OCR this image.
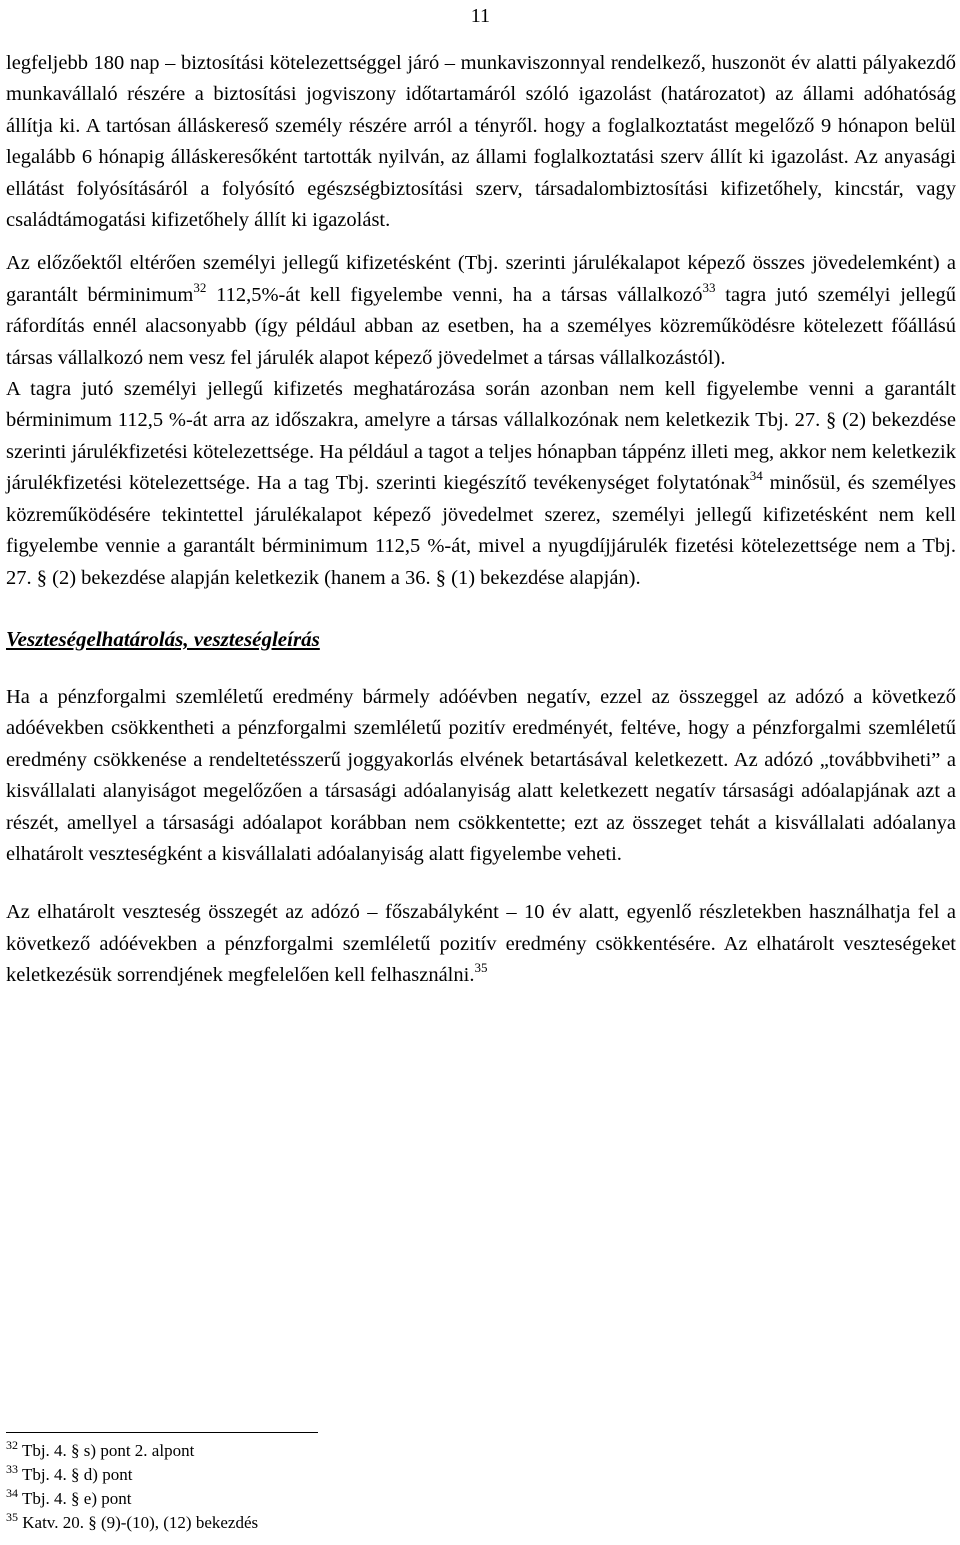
11

legfeljebb 180 nap – biztosítási kötelezettséggel járó – munkaviszonnyal rendelkező, huszonöt év alatti pályakezdő munkavállaló részére a biztosítási jogviszony időtartamáról szóló igazolást (határozatot) az állami adóhatóság állítja ki. A tartósan álláskereső személy részére arról a tényről. hogy a foglalkoztatást megelőző 9 hónapon belül legalább 6 hónapig álláskeresőként tartották nyilván, az állami foglalkoztatási szerv állít ki igazolást. Az anyasági ellátást folyósításáról a folyósító egészségbiztosítási szerv, társadalombiztosítási kifizetőhely, kincstár, vagy családtámogatási kifizetőhely állít ki igazolást.

Az előzőektől eltérően személyi jellegű kifizetésként (Tbj. szerinti járulékalapot képező összes jövedelemként) a garantált bérminimum$^{32}$ 112,5%-át kell figyelembe venni, ha a társas vállalkozó$^{33}$ tagra jutó személyi jellegű ráfordítás ennél alacsonyabb (így például abban az esetben, ha a személyes közreműködésre kötelezett főállású társas vállalkozó nem vesz fel járulék alapot képező jövedelmet a társas vállalkozástól).

A tagra jutó személyi jellegű kifizetés meghatározása során azonban nem kell figyelembe venni a garantált bérminimum 112,5 %-át arra az időszakra, amelyre a társas vállalkozónak nem keletkezik Tbj. 27. § (2) bekezdése szerinti járulékfizetési kötelezettsége. Ha például a tagot a teljes hónapban táppénz illeti meg, akkor nem keletkezik járulékfizetési kötelezettsége. Ha a tag Tbj. szerinti kiegészítő tevékenységet folytatónak$^{34}$ minősül, és személyes közreműködésére tekintettel járulékalapot képező jövedelmet szerez, személyi jellegű kifizetésként nem kell figyelembe vennie a garantált bérminimum 112,5 %-át, mivel a nyugdíjjárulék fizetési kötelezettsége nem a Tbj. 27. § (2) bekezdése alapján keletkezik (hanem a 36. § (1) bekezdése alapján).

Veszteségelhatárolás, veszteségleírás

Ha a pénzforgalmi szemléletű eredmény bármely adóévben negatív, ezzel az összeggel az adózó a következő adóévekben csökkentheti a pénzforgalmi szemléletű pozitív eredményét, feltéve, hogy a pénzforgalmi szemléletű eredmény csökkenése a rendeltetésszerű joggyakorlás elvének betartásával keletkezett. Az adózó „továbbviheti” a kisvállalati alanyiságot megelőzően a társasági adóalanyiság alatt keletkezett negatív társasági adóalapjának azt a részét, amellyel a társasági adóalapot korábban nem csökkentette; ezt az összeget tehát a kisvállalati adóalanya elhatárolt veszteségként a kisvállalati adóalanyiság alatt figyelembe veheti.

Az elhatárolt veszteség összegét az adózó – főszabályként – 10 év alatt, egyenlő részletekben használhatja fel a következő adóévekben a pénzforgalmi szemléletű pozitív eredmény csökkentésére. Az elhatárolt veszteségeket keletkezésük sorrendjének megfelelően kell felhasználni.$^{35}$

$^{32}$ Tbj. 4. § s) pont 2. alpont
$^{33}$ Tbj. 4. § d) pont
$^{34}$ Tbj. 4. § e) pont
$^{35}$ Katv. 20. § (9)-(10), (12) bekezdés
